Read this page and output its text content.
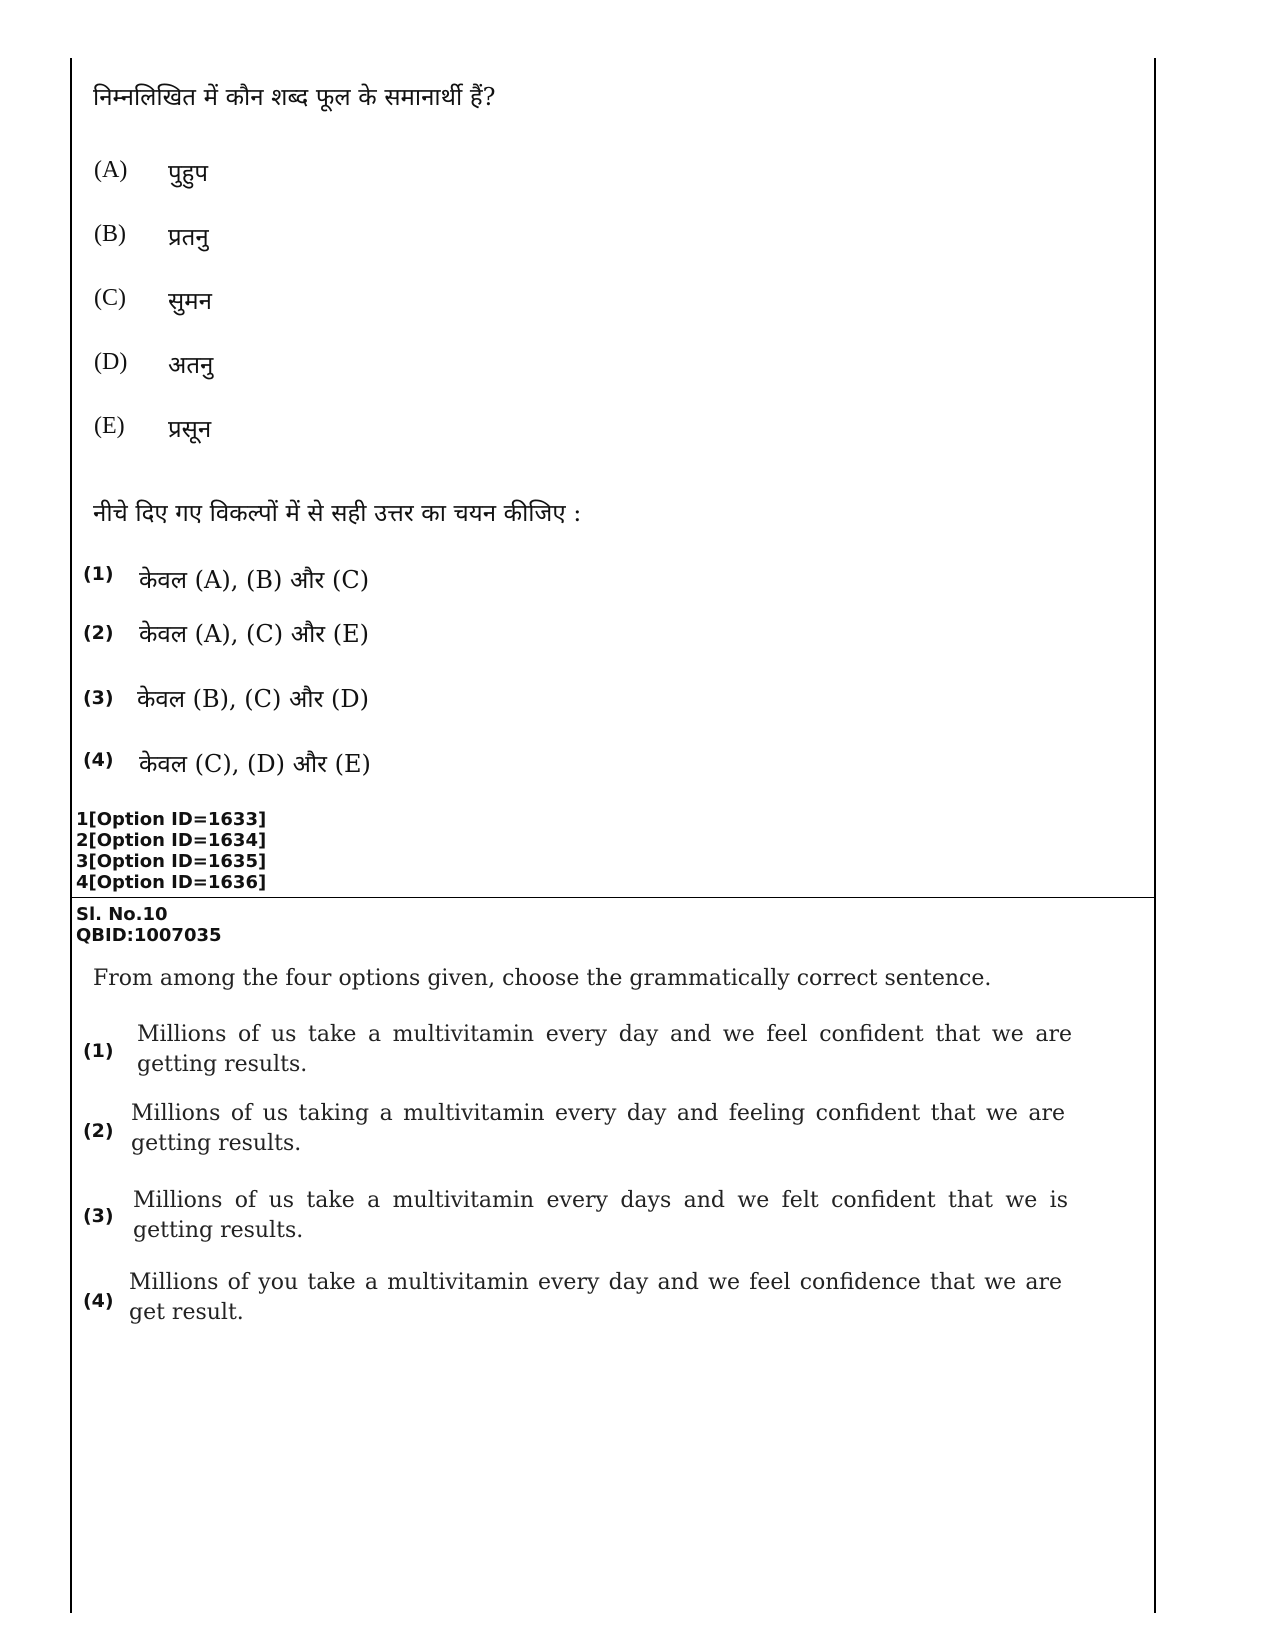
निम्नलिखित में कौन शब्द फूल के समानार्थी हैं?
(A) पुहुप
(B) प्रतनु
(C) सुमन
(D) अतनु
(E) प्रसून
नीचे दिए गए विकल्पों में से सही उत्तर का चयन कीजिए :
(1) केवल (A), (B) और (C)
(2) केवल (A), (C) और (E)
(3) केवल (B), (C) और (D)
(4) केवल (C), (D) और (E)
1[Option ID=1633]
2[Option ID=1634]
3[Option ID=1635]
4[Option ID=1636]
Sl. No.10
QBID:1007035
From among the four options given, choose the grammatically correct sentence.
(1)
Millions of us take a multivitamin every day and we feel confident that we are getting results.
(2)
Millions of us taking a multivitamin every day and feeling confident that we are getting results.
(3)
Millions of us take a multivitamin every days and we felt confident that we is getting results.
(4)
Millions of you take a multivitamin every day and we feel confidence that we are get result.
